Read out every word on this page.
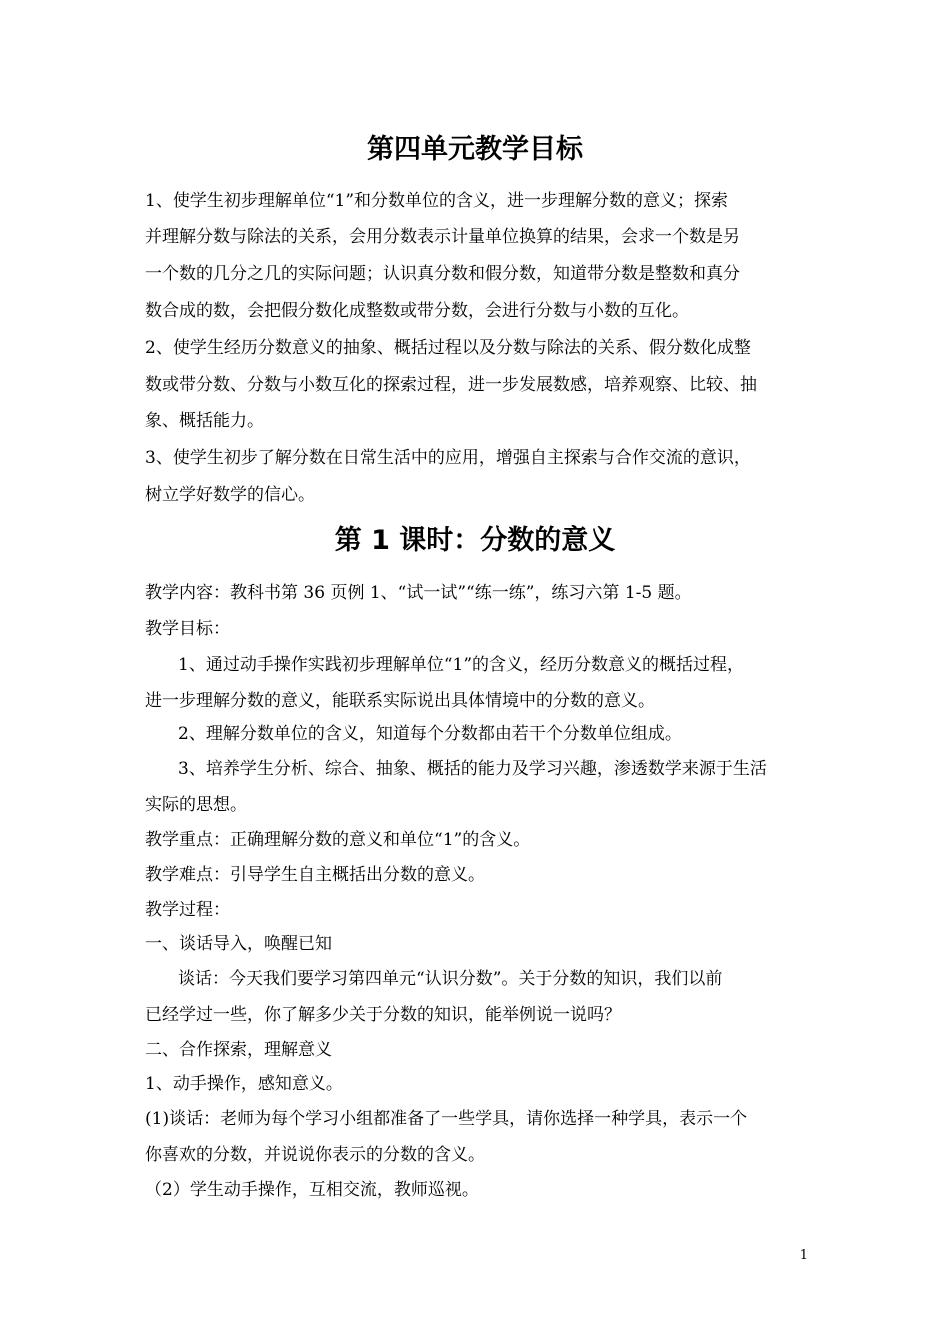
第四单元教学目标

1、使学生初步理解单位“1”和分数单位的含义，进一步理解分数的意义；探索

并理解分数与除法的关系，会用分数表示计量单位换算的结果，会求一个数是另

一个数的几分之几的实际问题；认识真分数和假分数，知道带分数是整数和真分

数合成的数，会把假分数化成整数或带分数，会进行分数与小数的互化。

2、使学生经历分数意义的抽象、概括过程以及分数与除法的关系、假分数化成整

数或带分数、分数与小数互化的探索过程，进一步发展数感，培养观察、比较、抽

象、概括能力。

3、使学生初步了解分数在日常生活中的应用，增强自主探索与合作交流的意识，

树立学好数学的信心。

第 1 课时：分数的意义

教学内容：教科书第 36 页例 1、“试一试”“练一练”，练习六第 1-5 题。

教学目标：

1、通过动手操作实践初步理解单位“1”的含义，经历分数意义的概括过程，

进一步理解分数的意义，能联系实际说出具体情境中的分数的意义。

2、理解分数单位的含义，知道每个分数都由若干个分数单位组成。

3、培养学生分析、综合、抽象、概括的能力及学习兴趣，渗透数学来源于生活

实际的思想。

教学重点：正确理解分数的意义和单位“1”的含义。

教学难点：引导学生自主概括出分数的意义。

教学过程：

一、谈话导入，唤醒已知

谈话：今天我们要学习第四单元“认识分数”。关于分数的知识，我们以前

已经学过一些，你了解多少关于分数的知识，能举例说一说吗？

二、合作探索，理解意义

1、动手操作，感知意义。

(1)谈话：老师为每个学习小组都准备了一些学具，请你选择一种学具，表示一个

你喜欢的分数，并说说你表示的分数的含义。

（2）学生动手操作，互相交流，教师巡视。

1
